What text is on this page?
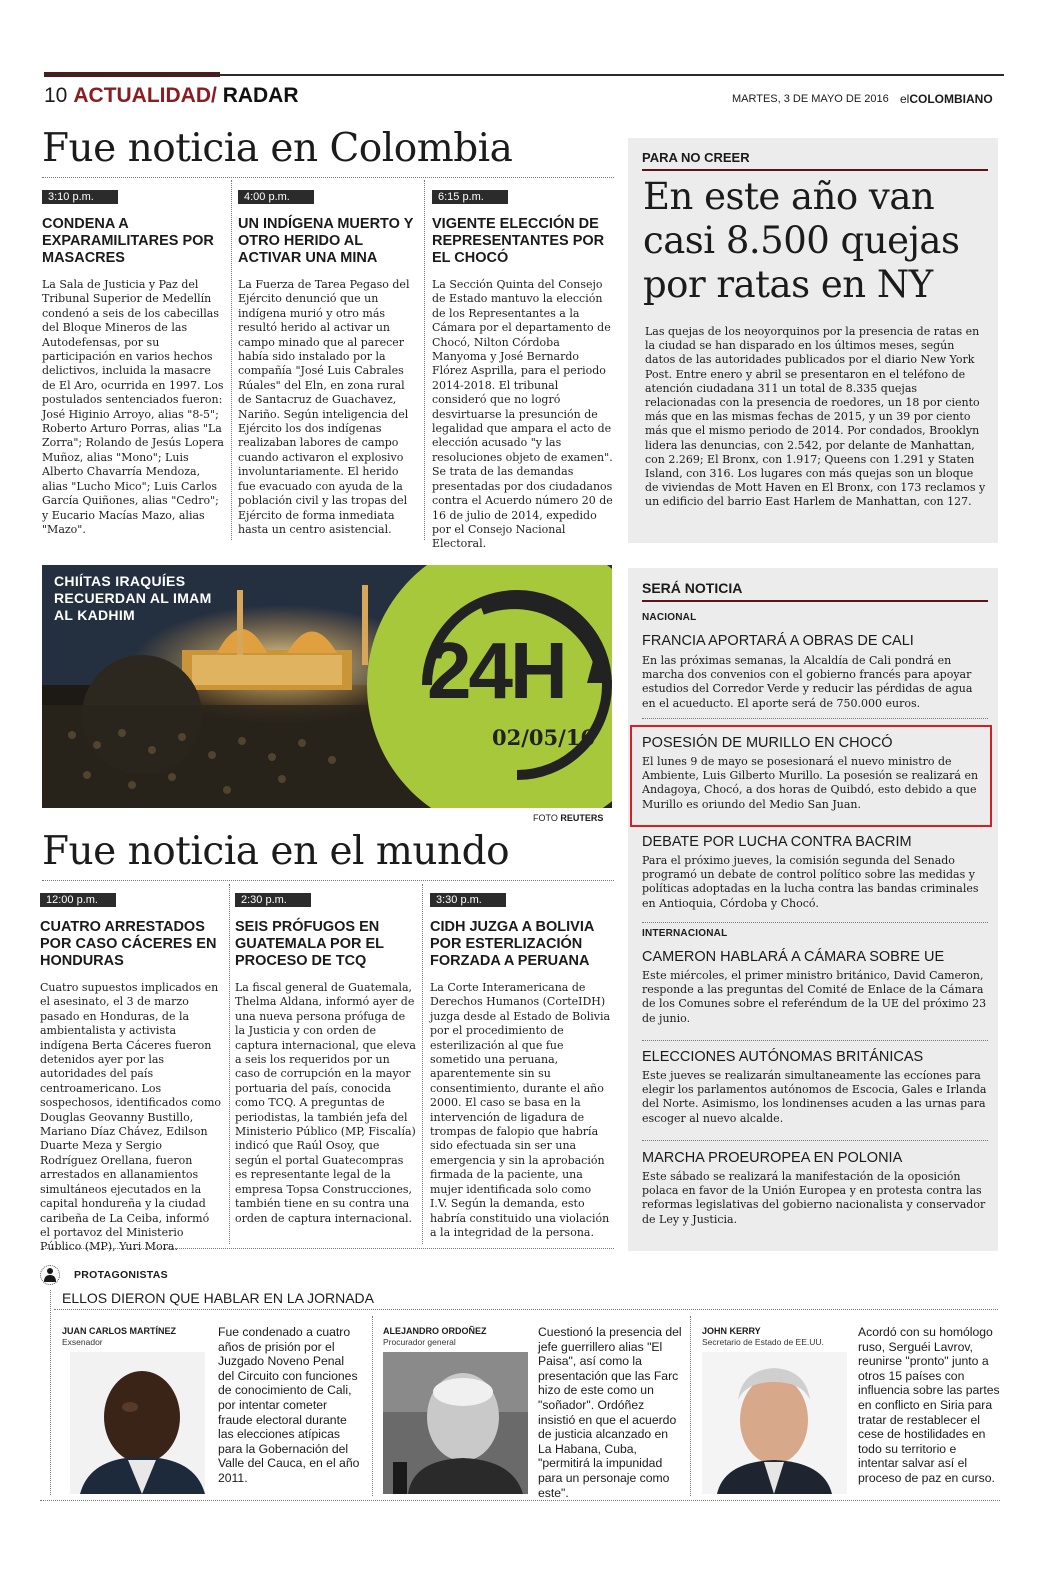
10 ACTUALIDAD/ RADAR	MARTES, 3 DE MAYO DE 2016 elCOLOMBIANO
Fue noticia en Colombia
3:10 p.m.
CONDENA A EXPARAMILITARES POR MASACRES
La Sala de Justicia y Paz del Tribunal Superior de Medellín condenó a seis de los cabecillas del Bloque Mineros de las Autodefensas, por su participación en varios hechos delictivos, incluida la masacre de El Aro, ocurrida en 1997. Los postulados sentenciados fueron: José Higinio Arroyo, alias "8-5"; Roberto Arturo Porras, alias "La Zorra"; Rolando de Jesús Lopera Muñoz, alias "Mono"; Luis Alberto Chavarría Mendoza, alias "Lucho Mico"; Luis Carlos García Quiñones, alias "Cedro"; y Eucario Macías Mazo, alias "Mazo".
4:00 p.m.
UN INDÍGENA MUERTO Y OTRO HERIDO AL ACTIVAR UNA MINA
La Fuerza de Tarea Pegaso del Ejército denunció que un indígena murió y otro más resultó herido al activar un campo minado que al parecer había sido instalado por la compañía "José Luis Cabrales Rúales" del Eln, en zona rural de Santacruz de Guachavez, Nariño. Según inteligencia del Ejército los dos indígenas realizaban labores de campo cuando activaron el explosivo involuntariamente. El herido fue evacuado con ayuda de la población civil y las tropas del Ejército de forma inmediata hasta un centro asistencial.
6:15 p.m.
VIGENTE ELECCIÓN DE REPRESENTANTES POR EL CHOCÓ
La Sección Quinta del Consejo de Estado mantuvo la elección de los Representantes a la Cámara por el departamento de Chocó, Nilton Córdoba Manyoma y José Bernardo Flórez Asprilla, para el periodo 2014-2018. El tribunal consideró que no logró desvirtuarse la presunción de legalidad que ampara el acto de elección acusado "y las resoluciones objeto de examen". Se trata de las demandas presentadas por dos ciudadanos contra el Acuerdo número 20 de 16 de julio de 2014, expedido por el Consejo Nacional Electoral.
PARA NO CREER
En este año van casi 8.500 quejas por ratas en NY
Las quejas de los neoyorquinos por la presencia de ratas en la ciudad se han disparado en los últimos meses, según datos de las autoridades publicados por el diario New York Post. Entre enero y abril se presentaron en el teléfono de atención ciudadana 311 un total de 8.335 quejas relacionadas con la presencia de roedores, un 18 por ciento más que en las mismas fechas de 2015, y un 39 por ciento más que el mismo periodo de 2014. Por condados, Brooklyn lidera las denuncias, con 2.542, por delante de Manhattan, con 2.269; El Bronx, con 1.917; Queens con 1.291 y Staten Island, con 316. Los lugares con más quejas son un bloque de viviendas de Mott Haven en El Bronx, con 173 reclamos y un edificio del barrio East Harlem de Manhattan, con 127.
CHIÍTAS IRAQUÍES RECUERDAN AL IMAM AL KADHIM
24H
02/05/16
FOTO REUTERS
SERÁ NOTICIA
NACIONAL
FRANCIA APORTARÁ A OBRAS DE CALI
En las próximas semanas, la Alcaldía de Cali pondrá en marcha dos convenios con el gobierno francés para apoyar estudios del Corredor Verde y reducir las pérdidas de agua en el acueducto. El aporte será de 750.000 euros.
POSESIÓN DE MURILLO EN CHOCÓ
El lunes 9 de mayo se posesionará el nuevo ministro de Ambiente, Luis Gilberto Murillo. La posesión se realizará en Andagoya, Chocó, a dos horas de Quibdó, esto debido a que Murillo es oriundo del Medio San Juan.
DEBATE POR LUCHA CONTRA BACRIM
Para el próximo jueves, la comisión segunda del Senado programó un debate de control político sobre las medidas y políticas adoptadas en la lucha contra las bandas criminales en Antioquia, Córdoba y Chocó.
INTERNACIONAL
CAMERON HABLARÁ A CÁMARA SOBRE UE
Este miércoles, el primer ministro británico, David Cameron, responde a las preguntas del Comité de Enlace de la Cámara de los Comunes sobre el referéndum de la UE del próximo 23 de junio.
ELECCIONES AUTÓNOMAS BRITÁNICAS
Este jueves se realizarán simultaneamente las eccíones para elegir los parlamentos autónomos de Escocia, Gales e Irlanda del Norte. Asimismo, los londinenses acuden a las urnas para escoger al nuevo alcalde.
MARCHA PROEUROPEA EN POLONIA
Este sábado se realizará la manifestación de la oposición polaca en favor de la Unión Europea y en protesta contra las reformas legislativas del gobierno nacionalista y conservador de Ley y Justicia.
Fue noticia en el mundo
12:00 p.m.
CUATRO ARRESTADOS POR CASO CÁCERES EN HONDURAS
Cuatro supuestos implicados en el asesinato, el 3 de marzo pasado en Honduras, de la ambientalista y activista indígena Berta Cáceres fueron detenidos ayer por las autoridades del país centroamericano. Los sospechosos, identificados como Douglas Geovanny Bustillo, Mariano Díaz Chávez, Edilson Duarte Meza y Sergio Rodríguez Orellana, fueron arrestados en allanamientos simultáneos ejecutados en la capital hondureña y la ciudad caribeña de La Ceiba, informó el portavoz del Ministerio Público (MP), Yuri Mora.
2:30 p.m.
SEIS PRÓFUGOS EN GUATEMALA POR EL PROCESO DE TCQ
La fiscal general de Guatemala, Thelma Aldana, informó ayer de una nueva persona prófuga de la Justicia y con orden de captura internacional, que eleva a seis los requeridos por un caso de corrupción en la mayor portuaria del país, conocida como TCQ. A preguntas de periodistas, la también jefa del Ministerio Público (MP, Fiscalía) indicó que Raúl Osoy, que según el portal Guatecompras es representante legal de la empresa Topsa Construcciones, también tiene en su contra una orden de captura internacional.
3:30 p.m.
CIDH JUZGA A BOLIVIA POR ESTERLIZACIÓN FORZADA A PERUANA
La Corte Interamericana de Derechos Humanos (CorteIDH) juzga desde al Estado de Bolivia por el procedimiento de esterilización al que fue sometido una peruana, aparentemente sin su consentimiento, durante el año 2000. El caso se basa en la intervención de ligadura de trompas de falopio que habría sido efectuada sin ser una emergencia y sin la aprobación firmada de la paciente, una mujer identificada solo como I.V. Según la demanda, esto habría constituido una violación a la integridad de la persona.
PROTAGONISTAS
ELLOS DIERON QUE HABLAR EN LA JORNADA
JUAN CARLOS MARTÍNEZ
Exsenador
Fue condenado a cuatro años de prisión por el Juzgado Noveno Penal del Circuito con funciones de conocimiento de Cali, por intentar cometer fraude electoral durante las elecciones atípicas para la Gobernación del Valle del Cauca, en el año 2011.
ALEJANDRO ORDOÑEZ
Procurador general
Cuestionó la presencia del jefe guerrillero alias "El Paisa", así como la presentación que las Farc hizo de este como un "soñador". Ordóñez insistió en que el acuerdo de justicia alcanzado en La Habana, Cuba, "permitirá la impunidad para un personaje como este".
JOHN KERRY
Secretario de Estado de EE.UU.
Acordó con su homólogo ruso, Serguéi Lavrov, reunirse "pronto" junto a otros 15 países con influencia sobre las partes en conflicto en Siria para tratar de restablecer el cese de hostilidades en todo su territorio e intentar salvar así el proceso de paz en curso.
